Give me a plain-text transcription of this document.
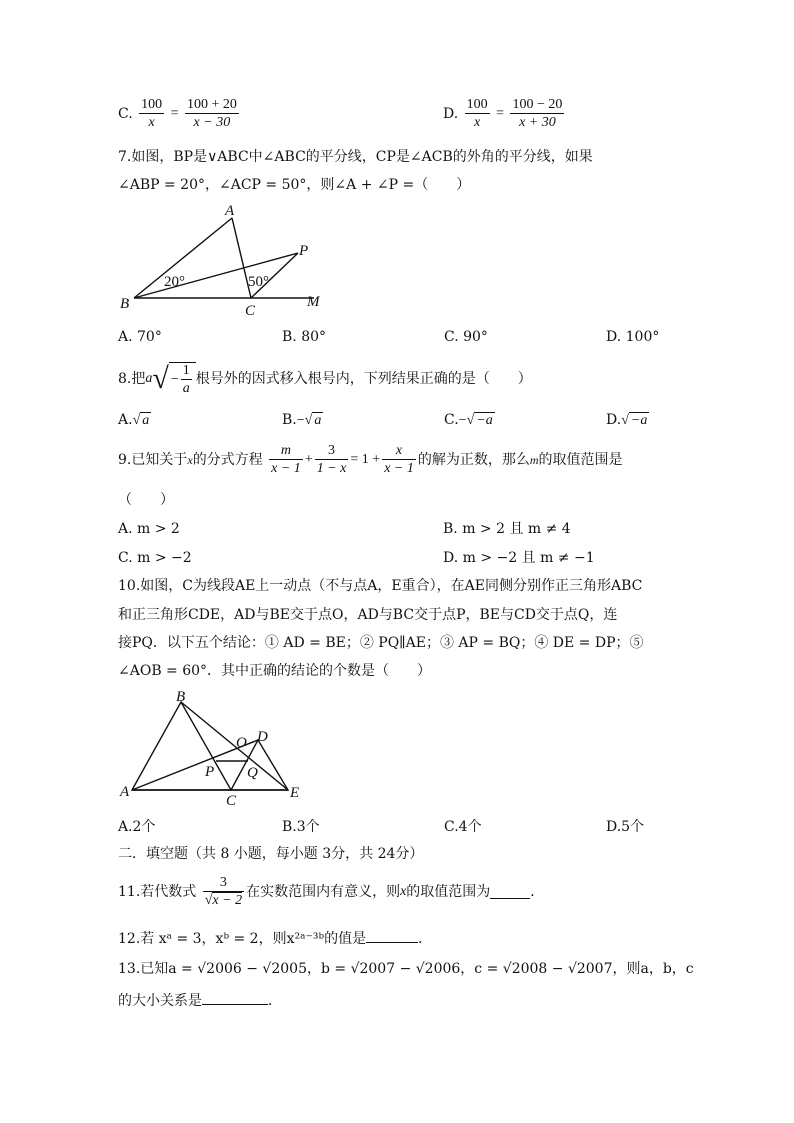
C. $\frac{100}{x} = \frac{100 + 20}{x - 30}$	D. $\frac{100}{x} = \frac{100 - 20}{x + 30}$
7.如图，BP是∨ABC中∠ABC的平分线，CP是∠ACB的外角的平分线，如果
∠ABP = 20°，∠ACP = 50°，则∠A + ∠P =（　　）
A
B	C
P
M
20°	50°
A. 70°	B. 80°	C. 90°	D. 100°
8.把$a√ - \frac{1}{a}$ 根号外的因式移入根号内，下列结果正确的是（　　）
A.√ a	B.−√ a	C.−√ −a	D.√ −a
9.已知关于x的分式方程 $\frac{m}{x - 1} + \frac{3}{1 - x} = 1 + \frac{x}{x - 1}$ 的解为正数，那么m的取值范围是
（　　）
A. m > 2	B. m > 2 且 m ≠ 4
C. m > −2	D. m > −2 且 m ≠ −1
10.如图，C为线段AE上一动点（不与点A，E重合），在AE同侧分别作正三角形ABC
和正三角形CDE，AD与BE交于点O，AD与BC交于点P，BE与CD交于点Q，连
接PQ．以下五个结论：① AD = BE；② PQ∥AE；③ AP = BQ；④ DE = DP；⑤
∠AOB = 60°．其中正确的结论的个数是（　　）
A
B
C
D
E
O
P Q
A.2个	B.3个	C.4个	D.5个
二．填空题（共 8 小题，每小题 3分，共 24分）
11.若代数式 $\frac{3}{√x - 2}$ 在实数范围内有意义，则x的取值范围为	．
12.若 xᵃ = 3，xᵇ = 2，则x²ᵃ⁻³ᵇ的值是	．
13.已知a = √2006 − √2005，b = √2007 − √2006，c = √2008 − √2007，则a，b，c
的大小关系是	．
